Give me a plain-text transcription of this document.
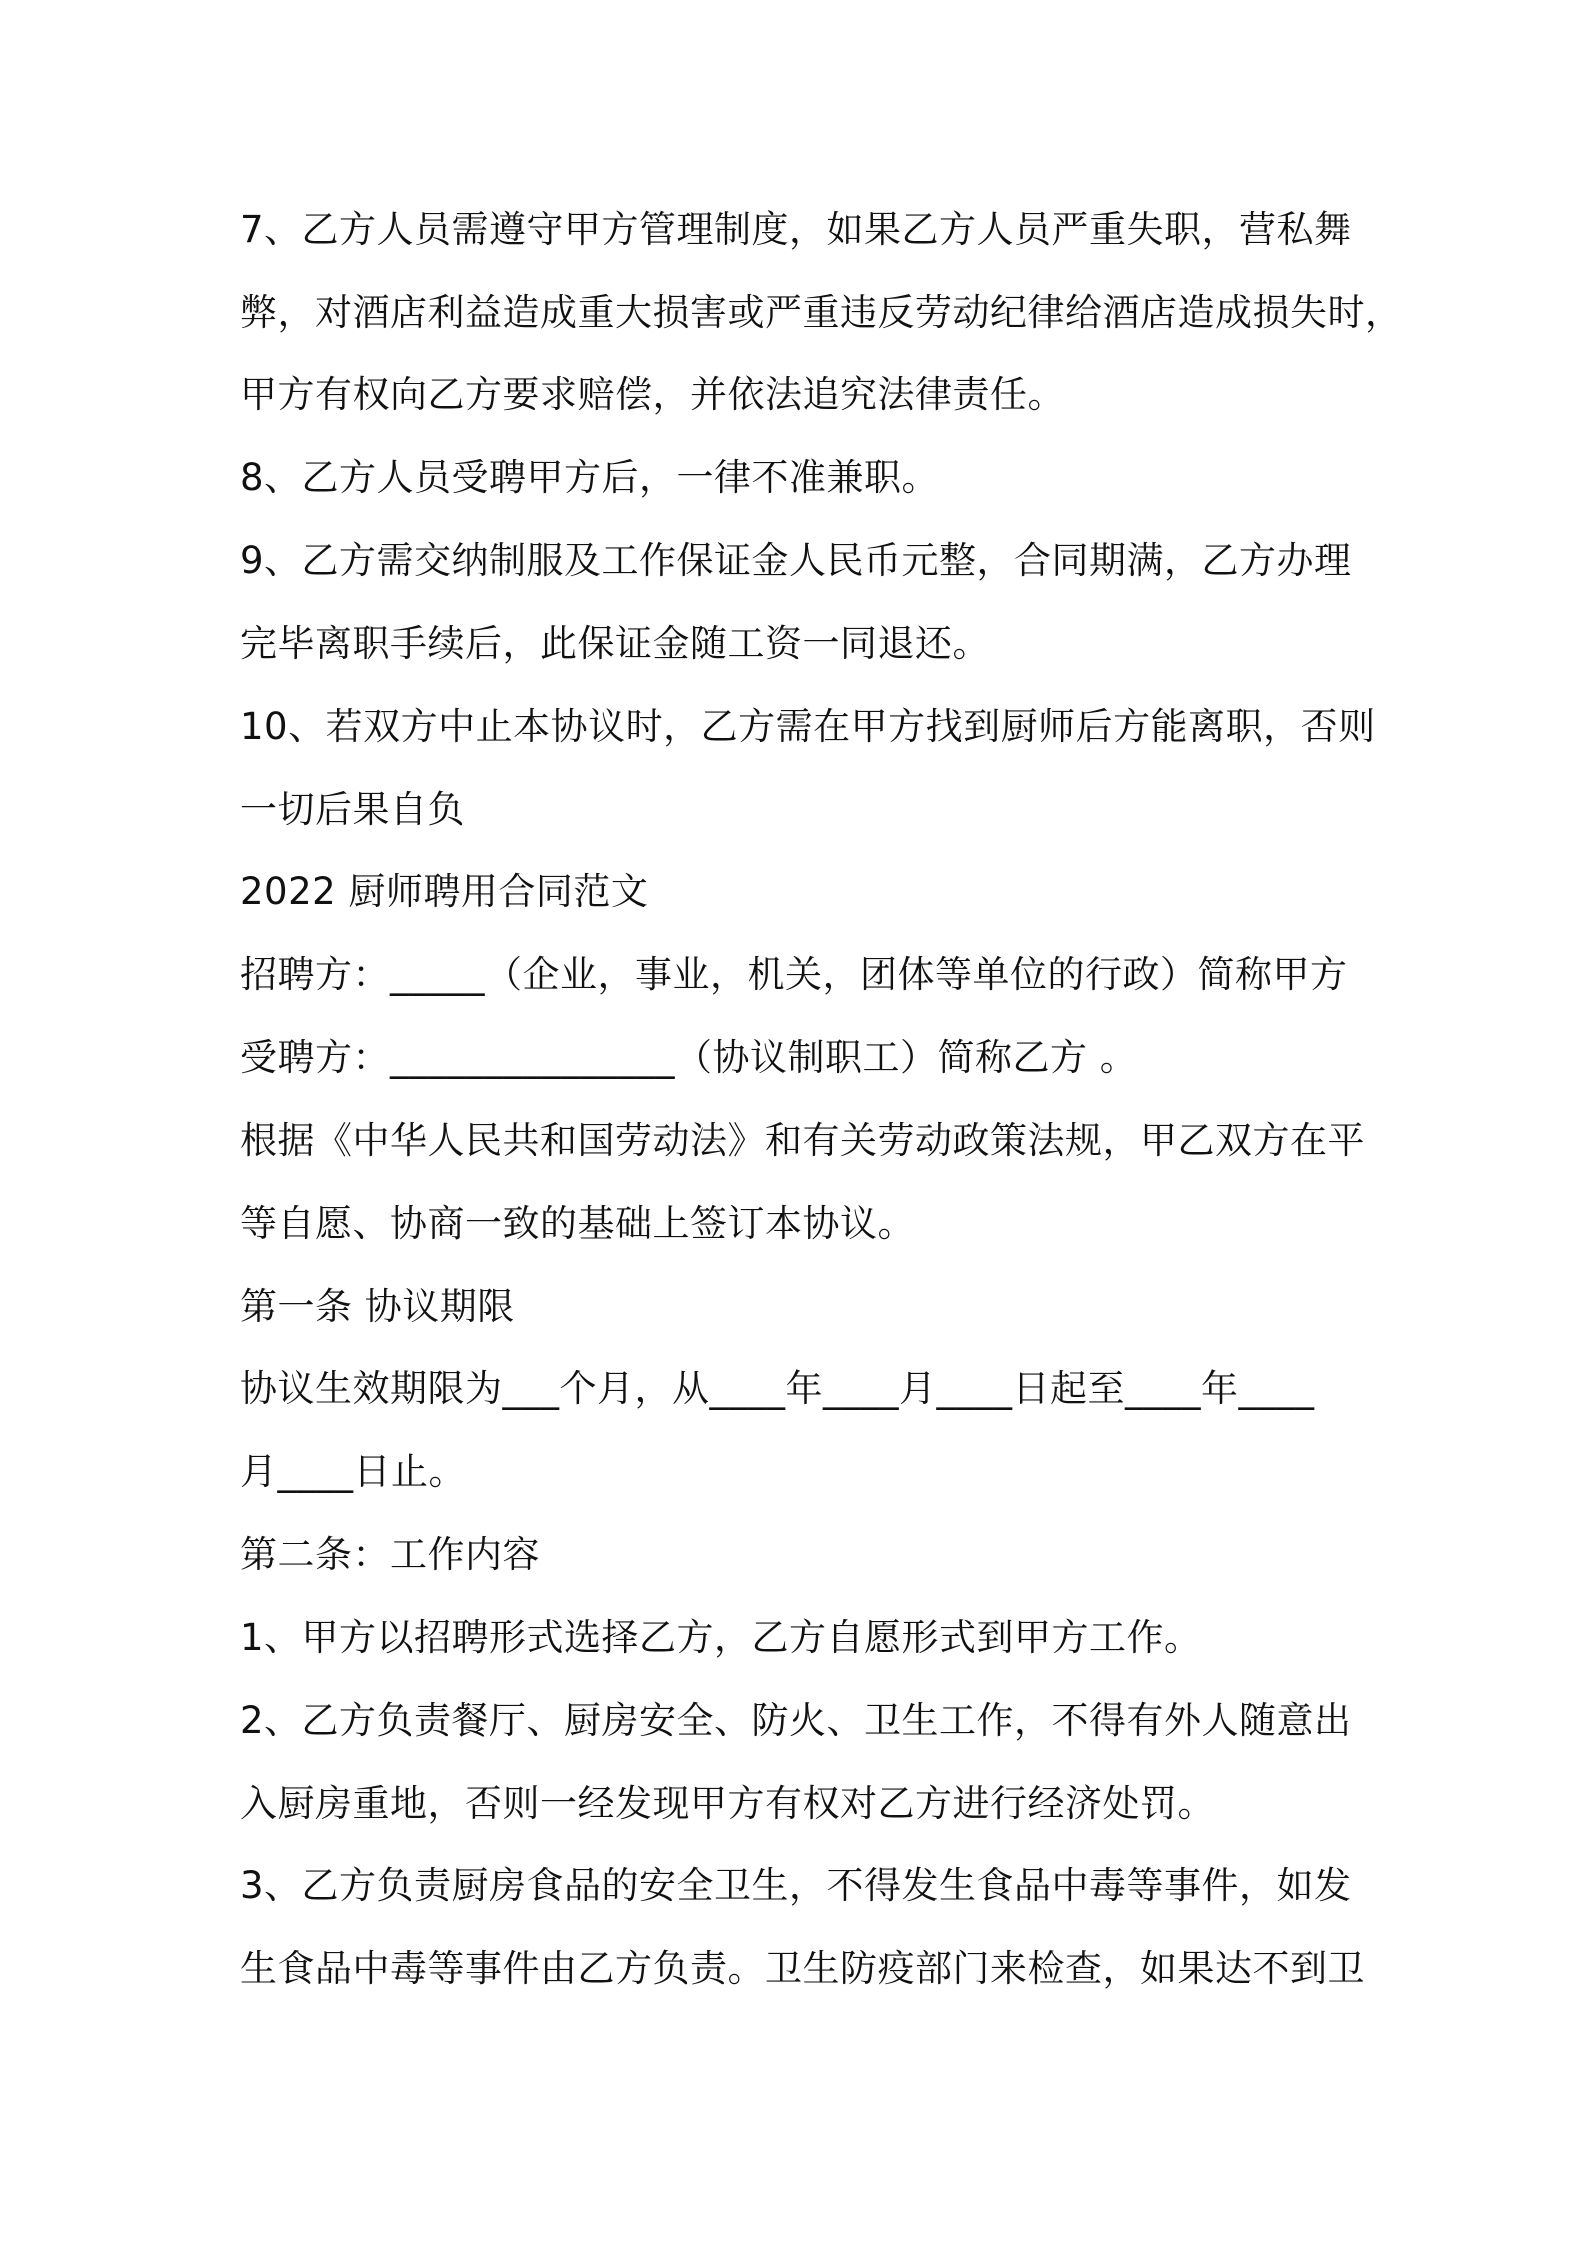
7、乙方人员需遵守甲方管理制度，如果乙方人员严重失职，营私舞
弊，对酒店利益造成重大损害或严重违反劳动纪律给酒店造成损失时，
甲方有权向乙方要求赔偿，并依法追究法律责任。
8、乙方人员受聘甲方后，一律不准兼职。
9、乙方需交纳制服及工作保证金人民币元整，合同期满，乙方办理
完毕离职手续后，此保证金随工资一同退还。
10、若双方中止本协议时，乙方需在甲方找到厨师后方能离职，否则
一切后果自负
2022 厨师聘用合同范文
招聘方：_____（企业，事业，机关，团体等单位的行政）简称甲方
受聘方：_______________（协议制职工）简称乙方 。
根据《中华人民共和国劳动法》和有关劳动政策法规，甲乙双方在平
等自愿、协商一致的基础上签订本协议。
第一条 协议期限
协议生效期限为___个月，从____年____月____日起至____年____
月____日止。
第二条：工作内容
1、甲方以招聘形式选择乙方，乙方自愿形式到甲方工作。
2、乙方负责餐厅、厨房安全、防火、卫生工作，不得有外人随意出
入厨房重地，否则一经发现甲方有权对乙方进行经济处罚。
3、乙方负责厨房食品的安全卫生，不得发生食品中毒等事件，如发
生食品中毒等事件由乙方负责。卫生防疫部门来检查，如果达不到卫
